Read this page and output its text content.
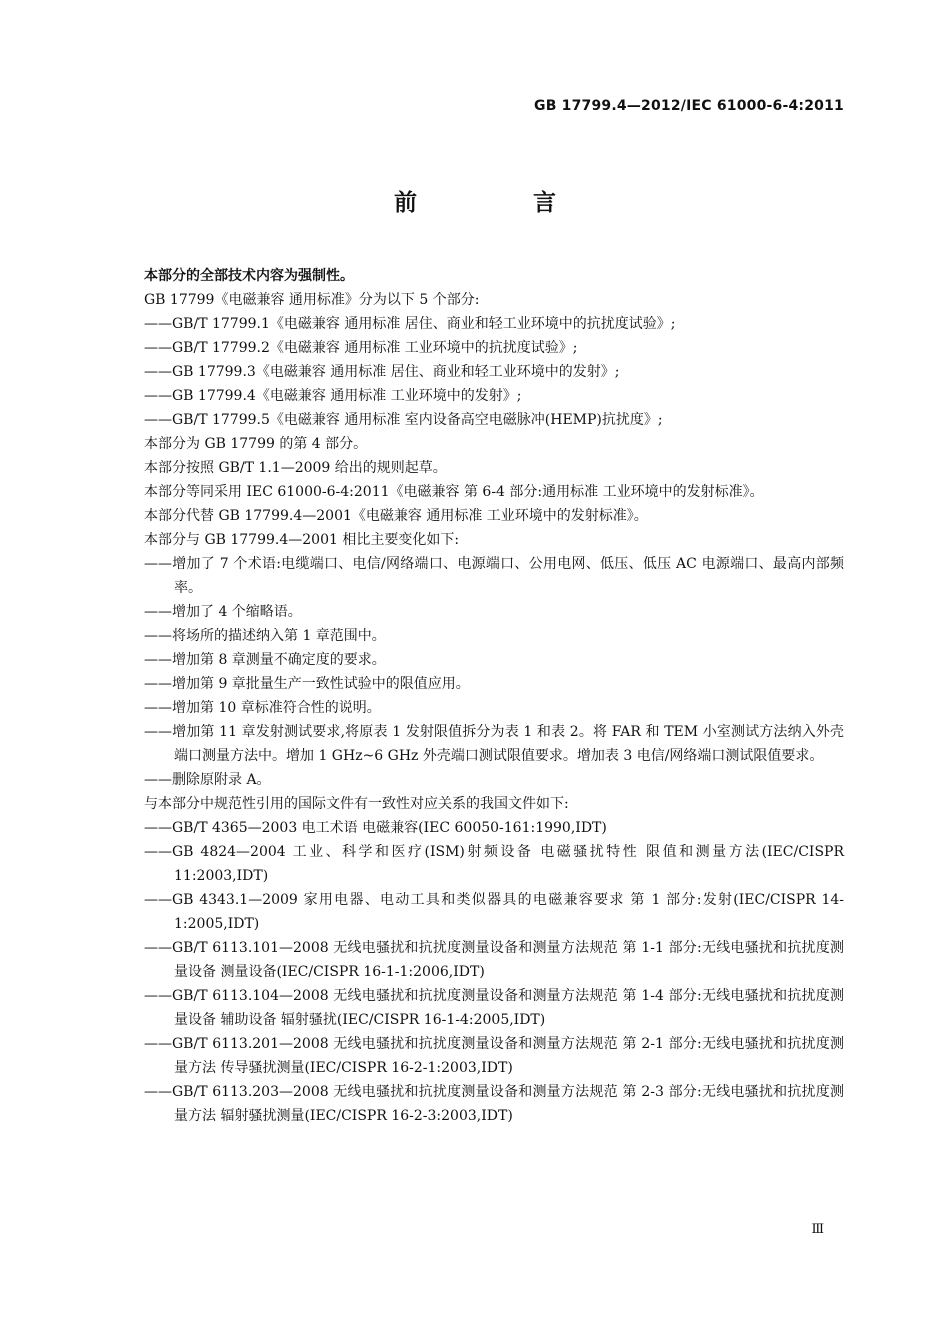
GB 17799.4—2012/IEC 61000-6-4:2011
前 言

本部分的全部技术内容为强制性。

GB 17799《电磁兼容 通用标准》分为以下 5 个部分:

——GB/T 17799.1《电磁兼容 通用标准 居住、商业和轻工业环境中的抗扰度试验》;

——GB/T 17799.2《电磁兼容 通用标准 工业环境中的抗扰度试验》;

——GB 17799.3《电磁兼容 通用标准 居住、商业和轻工业环境中的发射》;

——GB 17799.4《电磁兼容 通用标准 工业环境中的发射》;

——GB/T 17799.5《电磁兼容 通用标准 室内设备高空电磁脉冲(HEMP)抗扰度》;

本部分为 GB 17799 的第 4 部分。

本部分按照 GB/T 1.1—2009 给出的规则起草。

本部分等同采用 IEC 61000-6-4:2011《电磁兼容 第 6-4 部分:通用标准 工业环境中的发射标准》。

本部分代替 GB 17799.4—2001《电磁兼容 通用标准 工业环境中的发射标准》。

本部分与 GB 17799.4—2001 相比主要变化如下:

——增加了 7 个术语:电缆端口、电信/网络端口、电源端口、公用电网、低压、低压 AC 电源端口、最高内部频率。

——增加了 4 个缩略语。

——将场所的描述纳入第 1 章范围中。

——增加第 8 章测量不确定度的要求。

——增加第 9 章批量生产一致性试验中的限值应用。

——增加第 10 章标准符合性的说明。

——增加第 11 章发射测试要求,将原表 1 发射限值拆分为表 1 和表 2。将 FAR 和 TEM 小室测试方法纳入外壳端口测量方法中。增加 1 GHz~6 GHz 外壳端口测试限值要求。增加表 3 电信/网络端口测试限值要求。

——删除原附录 A。

与本部分中规范性引用的国际文件有一致性对应关系的我国文件如下:

——GB/T 4365—2003 电工术语 电磁兼容(IEC 60050-161:1990,IDT)

——GB 4824—2004 工业、科学和医疗(ISM)射频设备 电磁骚扰特性 限值和测量方法(IEC/CISPR 11:2003,IDT)

——GB 4343.1—2009 家用电器、电动工具和类似器具的电磁兼容要求 第 1 部分:发射(IEC/CISPR 14-1:2005,IDT)

——GB/T 6113.101—2008 无线电骚扰和抗扰度测量设备和测量方法规范 第 1-1 部分:无线电骚扰和抗扰度测量设备 测量设备(IEC/CISPR 16-1-1:2006,IDT)

——GB/T 6113.104—2008 无线电骚扰和抗扰度测量设备和测量方法规范 第 1-4 部分:无线电骚扰和抗扰度测量设备 辅助设备 辐射骚扰(IEC/CISPR 16-1-4:2005,IDT)

——GB/T 6113.201—2008 无线电骚扰和抗扰度测量设备和测量方法规范 第 2-1 部分:无线电骚扰和抗扰度测量方法 传导骚扰测量(IEC/CISPR 16-2-1:2003,IDT)

——GB/T 6113.203—2008 无线电骚扰和抗扰度测量设备和测量方法规范 第 2-3 部分:无线电骚扰和抗扰度测量方法 辐射骚扰测量(IEC/CISPR 16-2-3:2003,IDT)

Ⅲ
